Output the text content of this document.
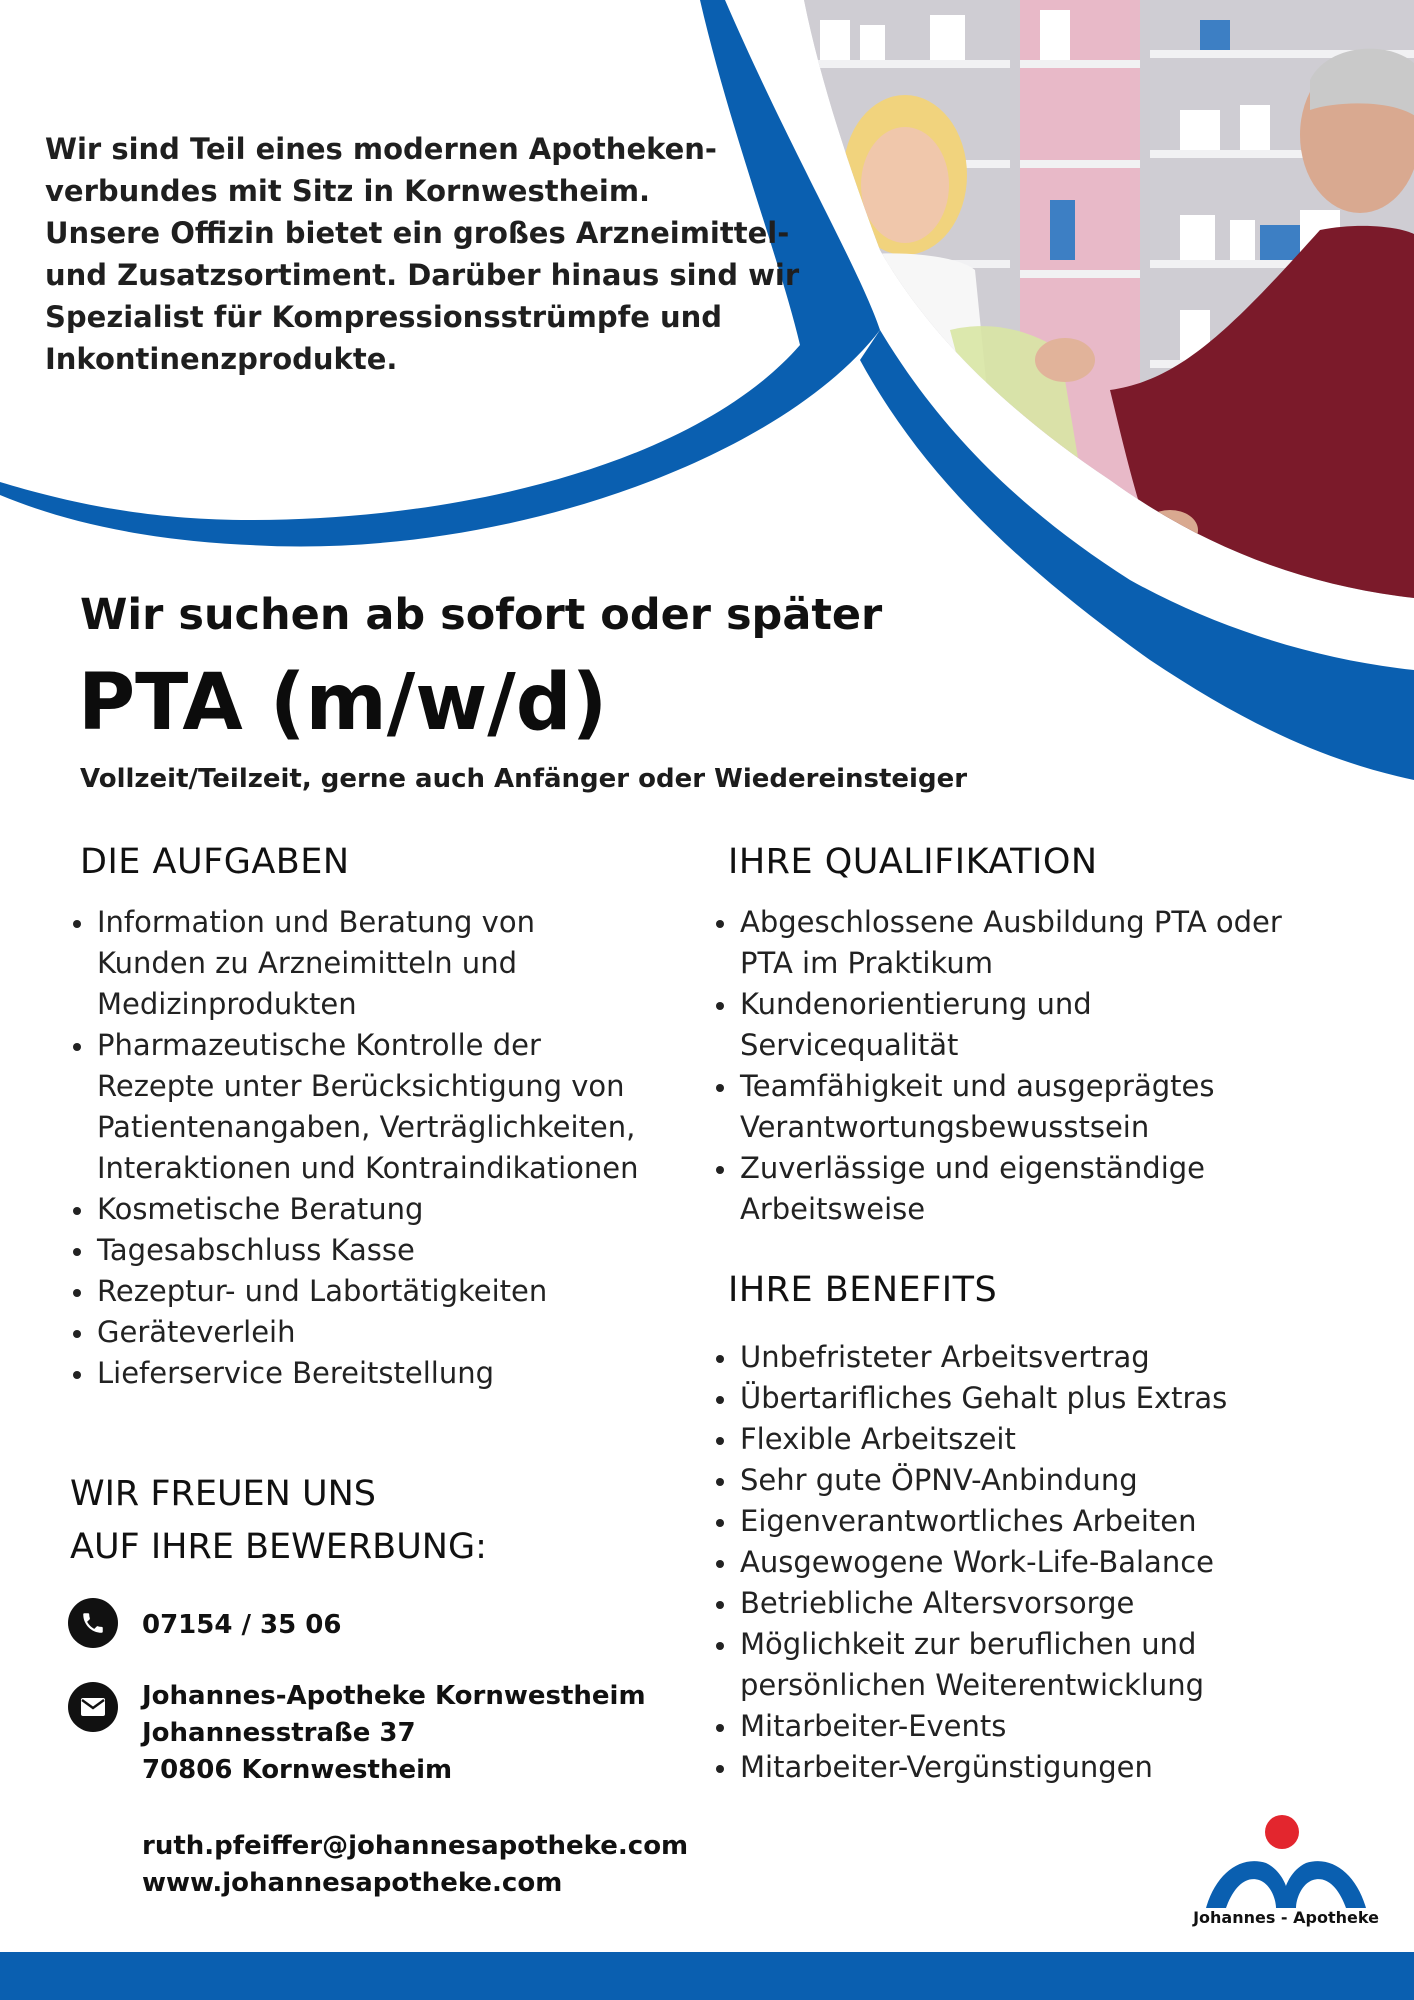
Wir sind Teil eines modernen Apotheken-

verbundes mit Sitz in Kornwestheim.

Unsere Offizin bietet ein großes Arzneimittel-

und Zusatzsortiment. Darüber hinaus sind wir

Spezialist für Kompressionsstrümpfe und

Inkontinenzprodukte.

Wir suchen ab sofort oder später
PTA (m/w/d)
Vollzeit/Teilzeit, gerne auch Anfänger oder Wiedereinsteiger
DIE AUFGABEN
Information und Beratung von
Kunden zu Arzneimitteln und
Medizinprodukten
Pharmazeutische Kontrolle der
Rezepte unter Berücksichtigung von
Patientenangaben, Verträglichkeiten,
Interaktionen und Kontraindikationen
Kosmetische Beratung
Tagesabschluss Kasse
Rezeptur- und Labortätigkeiten
Geräteverleih
Lieferservice Bereitstellung
IHRE QUALIFIKATION
Abgeschlossene Ausbildung PTA oder
PTA im Praktikum
Kundenorientierung und
Servicequalität
Teamfähigkeit und ausgeprägtes
Verantwortungsbewusstsein
Zuverlässige und eigenständige
Arbeitsweise
IHRE BENEFITS
Unbefristeter Arbeitsvertrag
Übertarifliches Gehalt plus Extras
Flexible Arbeitszeit
Sehr gute ÖPNV-Anbindung
Eigenverantwortliches Arbeiten
Ausgewogene Work-Life-Balance
Betriebliche Altersvorsorge
Möglichkeit zur beruflichen und
persönlichen Weiterentwicklung
Mitarbeiter-Events
Mitarbeiter-Vergünstigungen
WIR FREUEN UNS
AUF IHRE BEWERBUNG:
07154 / 35 06
Johannes-Apotheke Kornwestheim
Johannesstraße 37
70806 Kornwestheim
ruth.pfeiffer@johannesapotheke.com
www.johannesapotheke.com
Johannes - Apotheke
